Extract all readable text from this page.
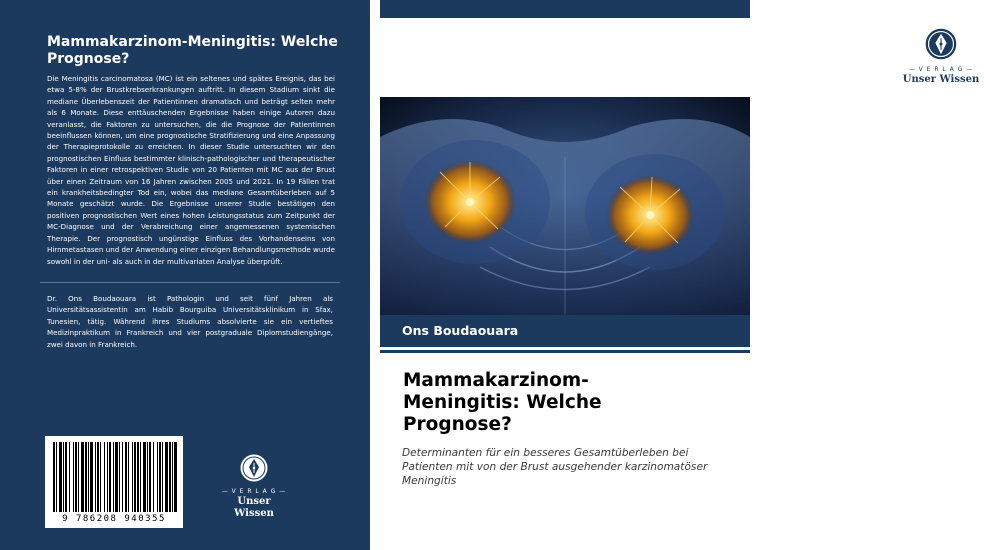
Mammakarzinom-Meningitis: Welche Prognose?
Die Meningitis carcinomatosa (MC) ist ein seltenes und spätes Ereignis, das bei etwa 5-8% der Brustkrebserkrankungen auftritt. In diesem Stadium sinkt die mediane Überlebenszeit der Patientinnen dramatisch und beträgt selten mehr als 6 Monate. Diese enttäuschenden Ergebnisse haben einige Autoren dazu veranlasst, die Faktoren zu untersuchen, die die Prognose der Patientinnen beeinflussen können, um eine prognostische Stratifizierung und eine Anpassung der Therapieprotokolle zu erreichen. In dieser Studie untersuchten wir den prognostischen Einfluss bestimmter klinisch-pathologischer und therapeutischer Faktoren in einer retrospektiven Studie von 20 Patienten mit MC aus der Brust über einen Zeitraum von 16 Jahren zwischen 2005 und 2021. In 19 Fällen trat ein krankheitsbedingter Tod ein, wobei das mediane Gesamtüberleben auf 5 Monate geschätzt wurde. Die Ergebnisse unserer Studie bestätigen den positiven prognostischen Wert eines hohen Leistungsstatus zum Zeitpunkt der MC-Diagnose und der Verabreichung einer angemessenen systemischen Therapie. Der prognostisch ungünstige Einfluss des Vorhandenseins von Hirnmetastasen und der Anwendung einer einzigen Behandlungsmethode wurde sowohl in der uni- als auch in der multivariaten Analyse überprüft.
Dr. Ons Boudaouara ist Pathologin und seit fünf Jahren als Universitätsassistentin am Habib Bourguiba Universitätsklinikum in Sfax, Tunesien, tätig. Während ihres Studiums absolvierte sie ein vertieftes Medizinpraktikum in Frankreich und vier postgraduale Diplomstudiengänge, zwei davon in Frankreich.
9 786208 940355
— V E R L A G —
Unser Wissen
— V E R L A G —
Unser Wissen
Ons Boudaouara
Mammakarzinom-Meningitis: Welche Prognose?
Determinanten für ein besseres Gesamtüberleben bei Patienten mit von der Brust ausgehender karzinomatöser Meningitis
